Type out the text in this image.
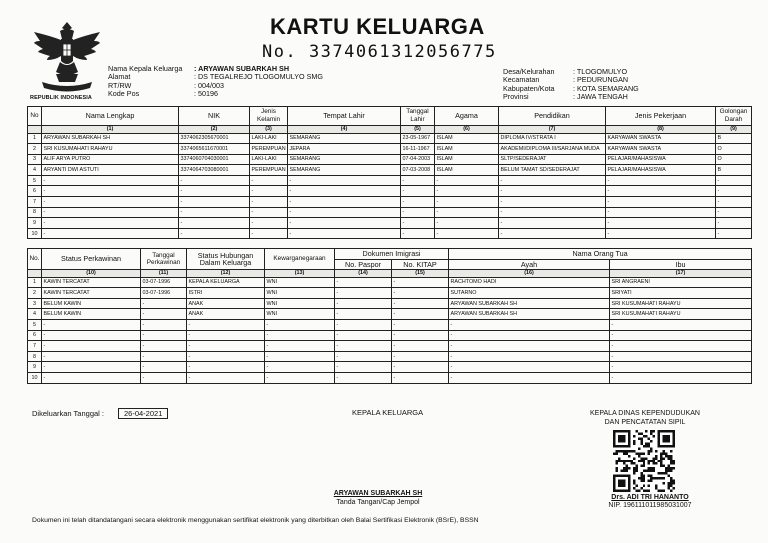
REPUBLIK INDONESIA
KARTU KELUARGA
No. 3374061312056775
Nama Kepala Keluarga	: ARYAWAN SUBARKAH SH
Alamat	: DS TEGALREJO TLOGOMULYO SMG
RT/RW	: 004/003
Kode Pos	: 50196
Desa/Kelurahan	: TLOGOMULYO
Kecamatan	: PEDURUNGAN
Kabupaten/Kota	: KOTA SEMARANG
Provinsi	: JAWA TENGAH
No	Nama Lengkap	NIK	Jenis Kelamin	Tempat Lahir	Tanggal Lahir	Agama	Pendidikan	Jenis Pekerjaan	Golongan Darah
	(1)	(2)	(3)	(4)	(5)	(6)	(7)	(8)	(9)
1	ARYAWAN SUBARKAH SH	3374062305670001	LAKI-LAKI	SEMARANG	23-05-1967	ISLAM	DIPLOMA IV/STRATA I	KARYAWAN SWASTA	B
2	SRI KUSUMAHATI RAHAYU	3374065611670001	PEREMPUAN	JEPARA	16-11-1967	ISLAM	AKADEMI/DIPLOMA III/SARJANA MUDA	KARYAWAN SWASTA	O
3	ALIF ARYA PUTRO	3374060704030001	LAKI-LAKI	SEMARANG	07-04-2003	ISLAM	SLTP/SEDERAJAT	PELAJAR/MAHASISWA	O
4	ARYANTI DWI ASTUTI	3374064703080001	PEREMPUAN	SEMARANG	07-03-2008	ISLAM	BELUM TAMAT SD/SEDERAJAT	PELAJAR/MAHASISWA	B
5	-	-	-	-	-	-	-	-	-
6	-	-	-	-	-	-	-	-	-
7	-	-	-	-	-	-	-	-	-
8	-	-	-	-	-	-	-	-	-
9	-	-	-	-	-	-	-	-	-
10	-	-	-	-	-	-	-	-	-
No.	Status Perkawinan	Tanggal Perkawinan	Status Hubungan Dalam Keluarga	Kewarganegaraan	Dokumen Imigrasi		Nama Orang Tua	
					No. Paspor	No. KITAP	Ayah	Ibu
	(10)	(11)	(12)	(13)	(14)	(15)	(16)	(17)
1	KAWIN TERCATAT	03-07-1996	KEPALA KELUARGA	WNI	-	-	RACHTOMO HADI	SRI ANGRAENI
2	KAWIN TERCATAT	03-07-1996	ISTRI	WNI	-	-	SUTARNO	SRIYATI
3	BELUM KAWIN	-	ANAK	WNI	-	-	ARYAWAN SUBARKAH SH	SRI KUSUMAHATI RAHAYU
4	BELUM KAWIN	-	ANAK	WNI	-	-	ARYAWAN SUBARKAH SH	SRI KUSUMAHATI RAHAYU
5	-	-	-	-	-	-	-	-
6	-	-	-	-	-	-	-	-
7	-	-	-	-	-	-	-	-
8	-	-	-	-	-	-	-	-
9	-	-	-	-	-	-	-	-
10	-	-	-	-	-	-	-	-
Dikeluarkan Tanggal :	26-04-2021	KEPALA KELUARGA	KEPALA DINAS KEPENDUDUKAN
DAN PENCATATAN SIPIL
ARYAWAN SUBARKAH SH
Tanda Tangan/Cap Jempol
Drs. ADI TRI HANANTO
NIP. 196111011985031007
Dokumen ini telah ditandatangani secara elektronik menggunakan sertifikat elektronik yang diterbitkan oleh Balai Sertifikasi Elektronik (BSrE), BSSN
